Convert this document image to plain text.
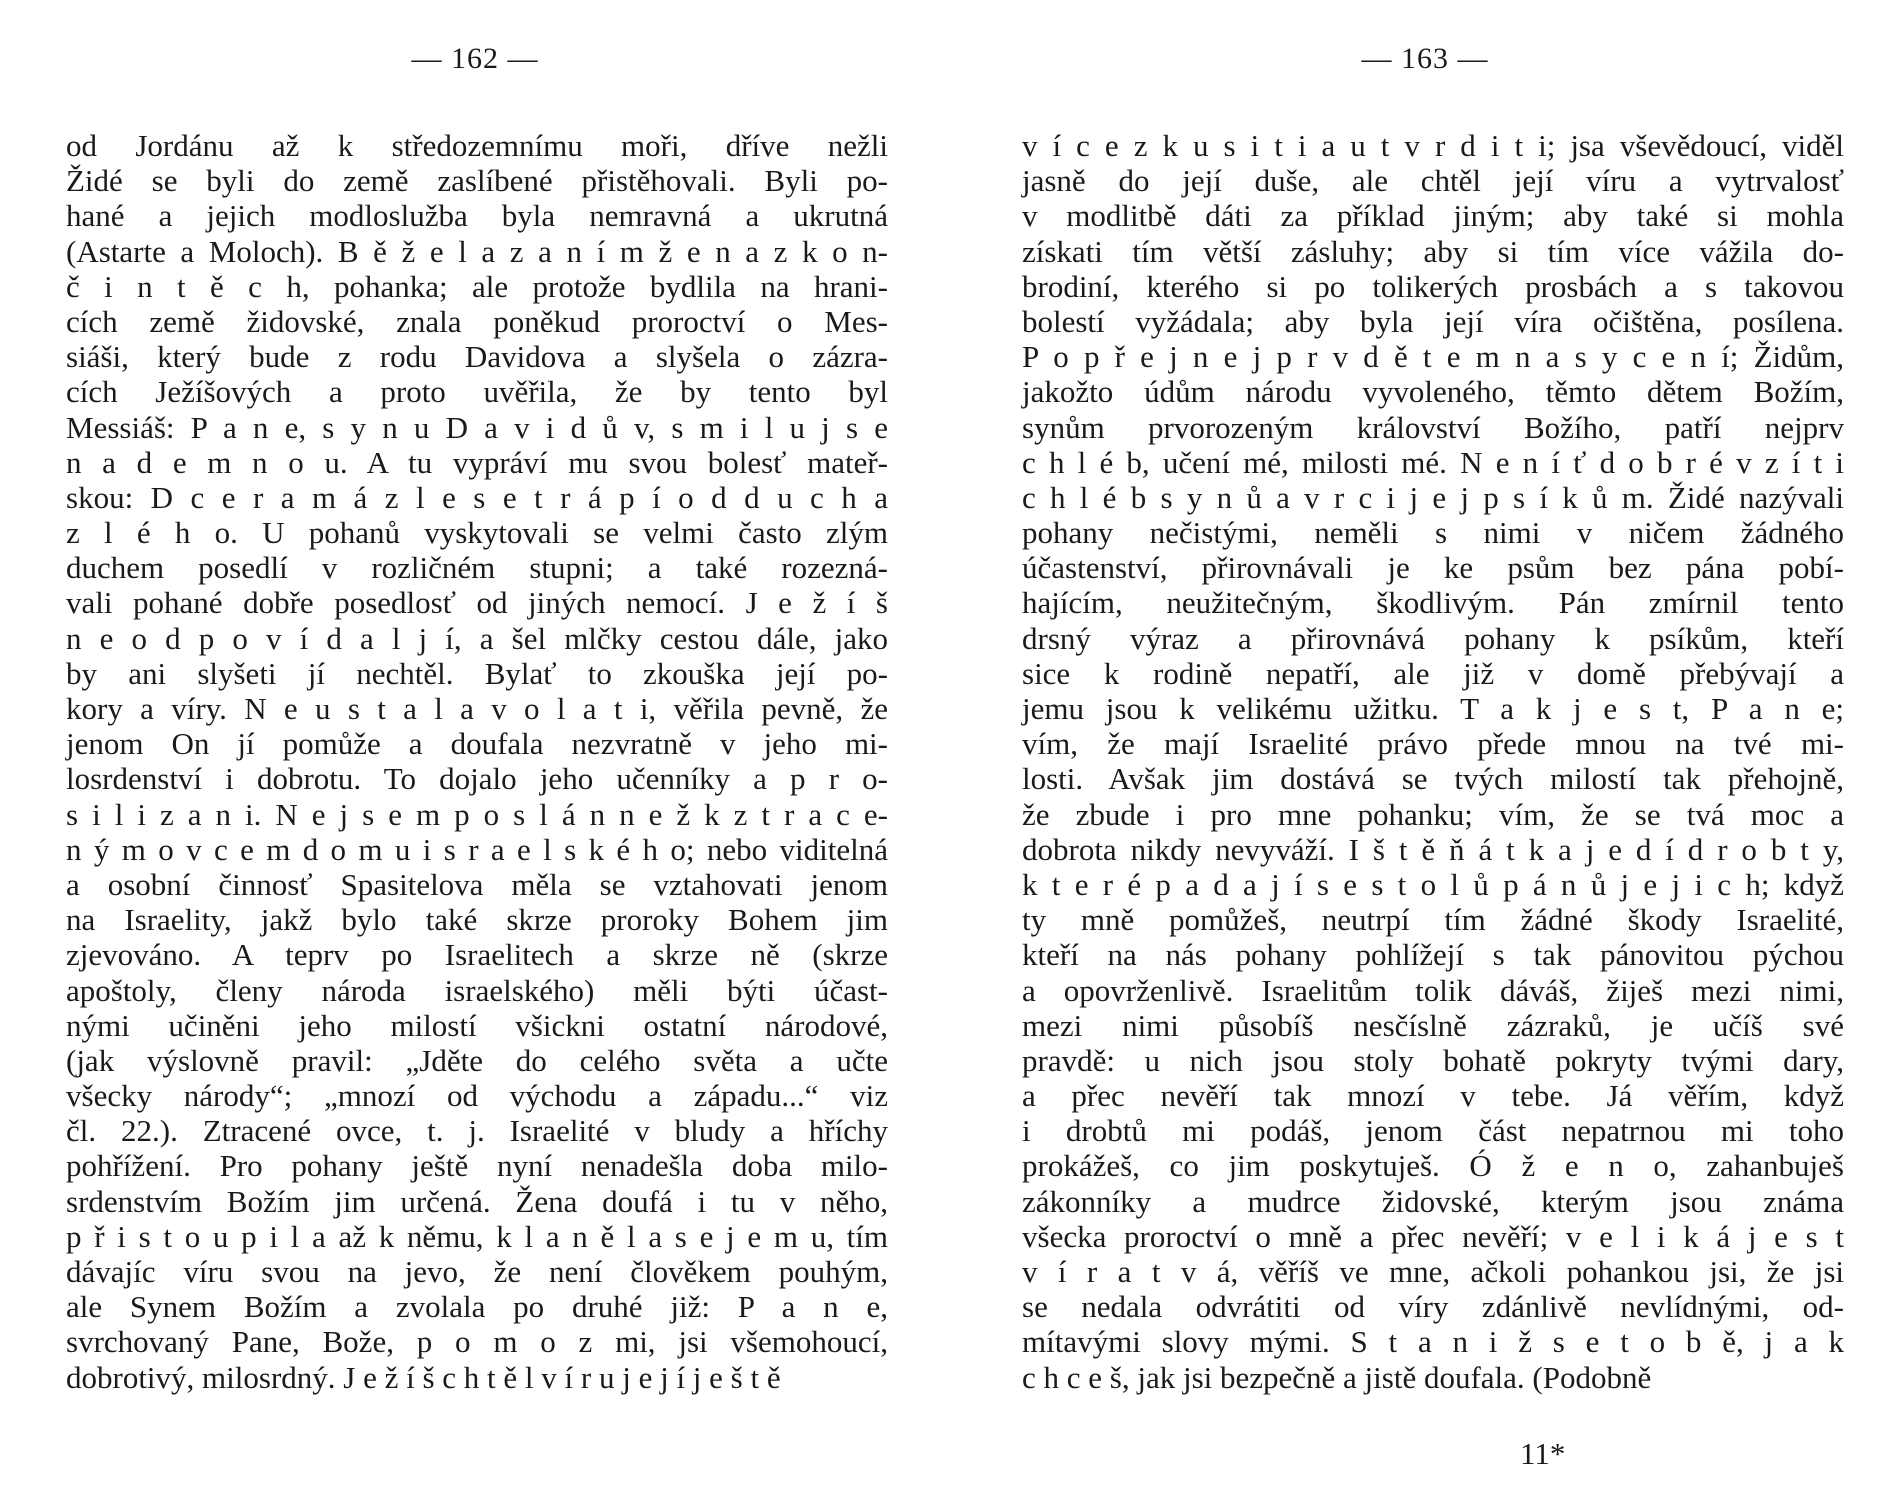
— 162 —
od Jordánu až k středozemnímu moři, dříve nežli
Židé se byli do země zaslíbené přistěhovali. Byli po-
hané a jejich modloslužba byla nemravná a ukrutná
(Astarte a Moloch). B ě ž e l a z a n í m ž e n a z k o n-
č i n t ě c h, pohanka; ale protože bydlila na hrani-
cích země židovské, znala poněkud proroctví o Mes-
siáši, který bude z rodu Davidova a slyšela o zázra-
cích Ježíšových a proto uvěřila, že by tento byl
Messiáš: P a n e, s y n u D a v i d ů v, s m i l u j s e
n a d e m n o u. A tu vypráví mu svou bolesť mateř-
skou: D c e r a m á z l e s e t r á p í o d d u c h a
z l é h o. U pohanů vyskytovali se velmi často zlým
duchem posedlí v rozličném stupni; a také rozezná-
vali pohané dobře posedlosť od jiných nemocí. J e ž í š
n e o d p o v í d a l j í, a šel mlčky cestou dále, jako
by ani slyšeti jí nechtěl. Bylať to zkouška její po-
kory a víry. N e u s t a l a v o l a t i, věřila pevně, že
jenom On jí pomůže a doufala nezvratně v jeho mi-
losrdenství i dobrotu. To dojalo jeho učenníky a p r o-
s i l i z a n i. N e j s e m p o s l á n n e ž k z t r a c e-
n ý m o v c e m d o m u i s r a e l s k é h o; nebo viditelná
a osobní činnosť Spasitelova měla se vztahovati jenom
na Israelity, jakž bylo také skrze proroky Bohem jim
zjevováno. A teprv po Israelitech a skrze ně (skrze
apoštoly, členy národa israelského) měli býti účast-
nými učiněni jeho milostí všickni ostatní národové,
(jak výslovně pravil: „Jděte do celého světa a učte
všecky národy“; „mnozí od východu a západu...“ viz
čl. 22.). Ztracené ovce, t. j. Israelité v bludy a hříchy
pohřížení. Pro pohany ještě nyní nenadešla doba milo-
srdenstvím Božím jim určená. Žena doufá i tu v něho,
p ř i s t o u p i l a až k němu, k l a n ě l a s e j e m u, tím
dávajíc víru svou na jevo, že není člověkem pouhým,
ale Synem Božím a zvolala po druhé již: P a n e,
svrchovaný Pane, Bože, p o m o z mi, jsi všemohoucí,
dobrotivý, milosrdný. J e ž í š c h t ě l v í r u j e j í j e š t ě
— 163 —
v í c e z k u s i t i a u t v r d i t i; jsa vševědoucí, viděl
jasně do její duše, ale chtěl její víru a vytrvalosť
v modlitbě dáti za příklad jiným; aby také si mohla
získati tím větší zásluhy; aby si tím více vážila do-
brodiní, kterého si po tolikerých prosbách a s takovou
bolestí vyžádala; aby byla její víra očištěna, posílena.
P o p ř e j n e j p r v d ě t e m n a s y c e n í; Židům,
jakožto údům národu vyvoleného, těmto dětem Božím,
synům prvorozeným království Božího, patří nejprv
c h l é b, učení mé, milosti mé. N e n í ť d o b r é v z í t i
c h l é b s y n ů a v r c i j e j p s í k ů m. Židé nazývali
pohany nečistými, neměli s nimi v ničem žádného
účastenství, přirovnávali je ke psům bez pána pobí-
hajícím, neužitečným, škodlivým. Pán zmírnil tento
drsný výraz a přirovnává pohany k psíkům, kteří
sice k rodině nepatří, ale již v domě přebývají a
jemu jsou k velikému užitku. T a k j e s t, P a n e;
vím, že mají Israelité právo přede mnou na tvé mi-
losti. Avšak jim dostává se tvých milostí tak přehojně,
že zbude i pro mne pohanku; vím, že se tvá moc a
dobrota nikdy nevyváží. I š t ě ň á t k a j e d í d r o b t y,
k t e r é p a d a j í s e s t o l ů p á n ů j e j i c h; když
ty mně pomůžeš, neutrpí tím žádné škody Israelité,
kteří na nás pohany pohlížejí s tak pánovitou pýchou
a opovrženlivě. Israelitům tolik dáváš, žiješ mezi nimi,
mezi nimi působíš nesčíslně zázraků, je učíš své
pravdě: u nich jsou stoly bohatě pokryty tvými dary,
a přec nevěří tak mnozí v tebe. Já věřím, když
i drobtů mi podáš, jenom část nepatrnou mi toho
prokážeš, co jim poskytuješ. Ó ž e n o, zahanbuješ
zákonníky a mudrce židovské, kterým jsou známa
všecka proroctví o mně a přec nevěří; v e l i k á j e s t
v í r a t v á, věříš ve mne, ačkoli pohankou jsi, že jsi
se nedala odvrátiti od víry zdánlivě nevlídnými, od-
mítavými slovy mými. S t a n i ž s e t o b ě, j a k
c h c e š, jak jsi bezpečně a jistě doufala. (Podobně
11*
